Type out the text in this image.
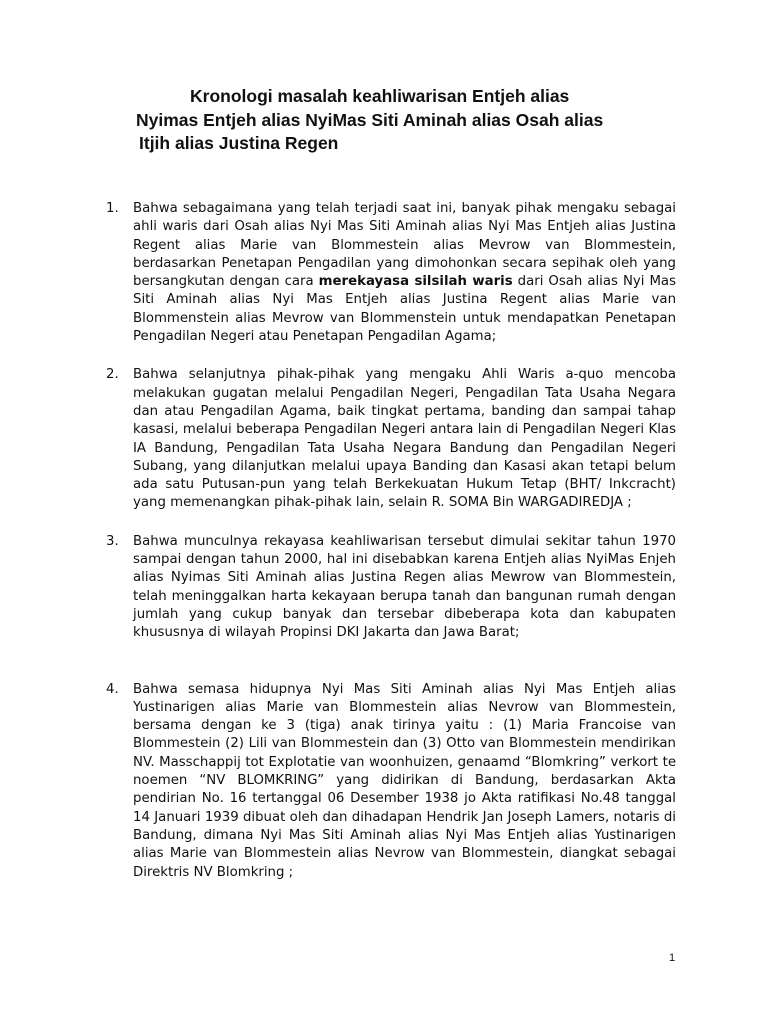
Kronologi masalah keahliwarisan Entjeh alias
Nyimas Entjeh alias NyiMas Siti Aminah alias Osah alias
Itjih alias Justina Regen
1. Bahwa sebagaimana yang telah terjadi saat ini, banyak pihak mengaku sebagai ahli waris dari Osah alias Nyi Mas Siti Aminah alias Nyi Mas Entjeh alias Justina Regent alias Marie van Blommestein alias Mevrow van Blommestein, berdasarkan Penetapan Pengadilan yang dimohonkan secara sepihak oleh yang bersangkutan dengan cara merekayasa silsilah waris dari Osah alias Nyi Mas Siti Aminah alias Nyi Mas Entjeh alias Justina Regent alias Marie van Blommenstein alias Mevrow van Blommenstein untuk mendapatkan Penetapan Pengadilan Negeri atau Penetapan Pengadilan Agama;

2. Bahwa selanjutnya pihak-pihak yang mengaku Ahli Waris a-quo mencoba melakukan gugatan melalui Pengadilan Negeri, Pengadilan Tata Usaha Negara dan atau Pengadilan Agama, baik tingkat pertama, banding dan sampai tahap kasasi, melalui beberapa Pengadilan Negeri antara lain di Pengadilan Negeri Klas IA Bandung, Pengadilan Tata Usaha Negara Bandung dan Pengadilan Negeri Subang, yang dilanjutkan melalui upaya Banding dan Kasasi akan tetapi belum ada satu Putusan-pun yang telah Berkekuatan Hukum Tetap (BHT/ Inkcracht) yang memenangkan pihak-pihak lain, selain R. SOMA Bin WARGADIREDJA ;

3. Bahwa munculnya rekayasa keahliwarisan tersebut dimulai sekitar tahun 1970 sampai dengan tahun 2000, hal ini disebabkan karena Entjeh alias NyiMas Enjeh alias Nyimas Siti Aminah alias Justina Regen alias Mewrow van Blommestein, telah meninggalkan harta kekayaan berupa tanah dan bangunan rumah dengan jumlah yang cukup banyak dan tersebar dibeberapa kota dan kabupaten khususnya di wilayah Propinsi DKI Jakarta dan Jawa Barat;

4. Bahwa semasa hidupnya Nyi Mas Siti Aminah alias Nyi Mas Entjeh alias Yustinarigen alias Marie van Blommestein alias Nevrow van Blommestein, bersama dengan ke 3 (tiga) anak tirinya yaitu : (1) Maria Francoise van Blommestein (2) Lili van Blommestein dan (3) Otto van Blommestein mendirikan NV. Masschappij tot Explotatie van woonhuizen, genaamd “Blomkring” verkort te noemen “NV BLOMKRING” yang didirikan di Bandung, berdasarkan Akta pendirian No. 16 tertanggal 06 Desember 1938 jo Akta ratifikasi No.48 tanggal 14 Januari 1939 dibuat oleh dan dihadapan Hendrik Jan Joseph Lamers, notaris di Bandung, dimana Nyi Mas Siti Aminah alias Nyi Mas Entjeh alias Yustinarigen alias Marie van Blommestein alias Nevrow van Blommestein, diangkat sebagai Direktris NV Blomkring ;

1
